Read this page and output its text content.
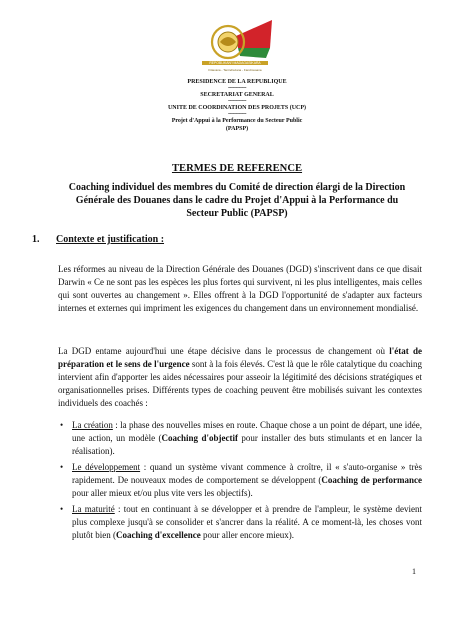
REPOBLIKAN'I MADAGASIKARA
Fitiavana - Tanindrazana - Fandrosoana
PRESIDENCE DE LA REPUBLIQUE
------------
SECRETARIAT GENERAL
------------
UNITE DE COORDINATION DES PROJETS (UCP)
------------
Projet d'Appui à la Performance du Secteur Public
(PAPSP)
TERMES DE REFERENCE
Coaching individuel des membres du Comité de direction élargi de la Direction Générale des Douanes dans le cadre du Projet d'Appui à la Performance du Secteur Public (PAPSP)
1. Contexte et justification :
Les réformes au niveau de la Direction Générale des Douanes (DGD) s'inscrivent dans ce que disait Darwin « Ce ne sont pas les espèces les plus fortes qui survivent, ni les plus intelligentes, mais celles qui sont ouvertes au changement ». Elles offrent à la DGD l'opportunité de s'adapter aux facteurs internes et externes qui impriment les exigences du changement dans un environnement mondialisé.
La DGD entame aujourd'hui une étape décisive dans le processus de changement où l'état de préparation et le sens de l'urgence sont à la fois élevés. C'est là que le rôle catalytique du coaching intervient afin d'apporter les aides nécessaires pour asseoir la légitimité des décisions stratégiques et organisationnelles prises. Différents types de coaching peuvent être mobilisés suivant les contextes individuels des coachés :
• La création : la phase des nouvelles mises en route. Chaque chose a un point de départ, une idée, une action, un modèle (Coaching d'objectif pour installer des buts stimulants et en lancer la réalisation).
• Le développement : quand un système vivant commence à croître, il « s'auto-organise » très rapidement. De nouveaux modes de comportement se développent (Coaching de performance pour aller mieux et/ou plus vite vers les objectifs).
• La maturité : tout en continuant à se développer et à prendre de l'ampleur, le système devient plus complexe jusqu'à se consolider et s'ancrer dans la réalité. A ce moment-là, les choses vont plutôt bien (Coaching d'excellence pour aller encore mieux).
1
